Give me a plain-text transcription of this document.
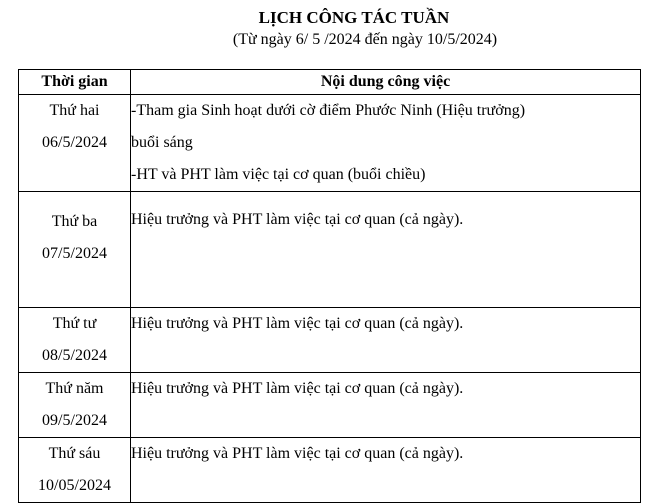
LỊCH CÔNG TÁC TUẦN
(Từ ngày 6/ 5 /2024 đến ngày 10/5/2024)
Thời gian	Nội dung công việc

Thứ hai
06/5/2024	-Tham gia Sinh hoạt dưới cờ điểm Phước Ninh (Hiệu trưởng)
buổi sáng
-HT và PHT làm việc tại cơ quan (buổi chiều)

Thứ ba
07/5/2024	Hiệu trưởng và PHT làm việc tại cơ quan (cả ngày).

Thứ tư
08/5/2024	Hiệu trưởng và PHT làm việc tại cơ quan (cả ngày).

Thứ năm
09/5/2024	Hiệu trưởng và PHT làm việc tại cơ quan (cả ngày).

Thứ sáu
10/05/2024	Hiệu trưởng và PHT làm việc tại cơ quan (cả ngày).
